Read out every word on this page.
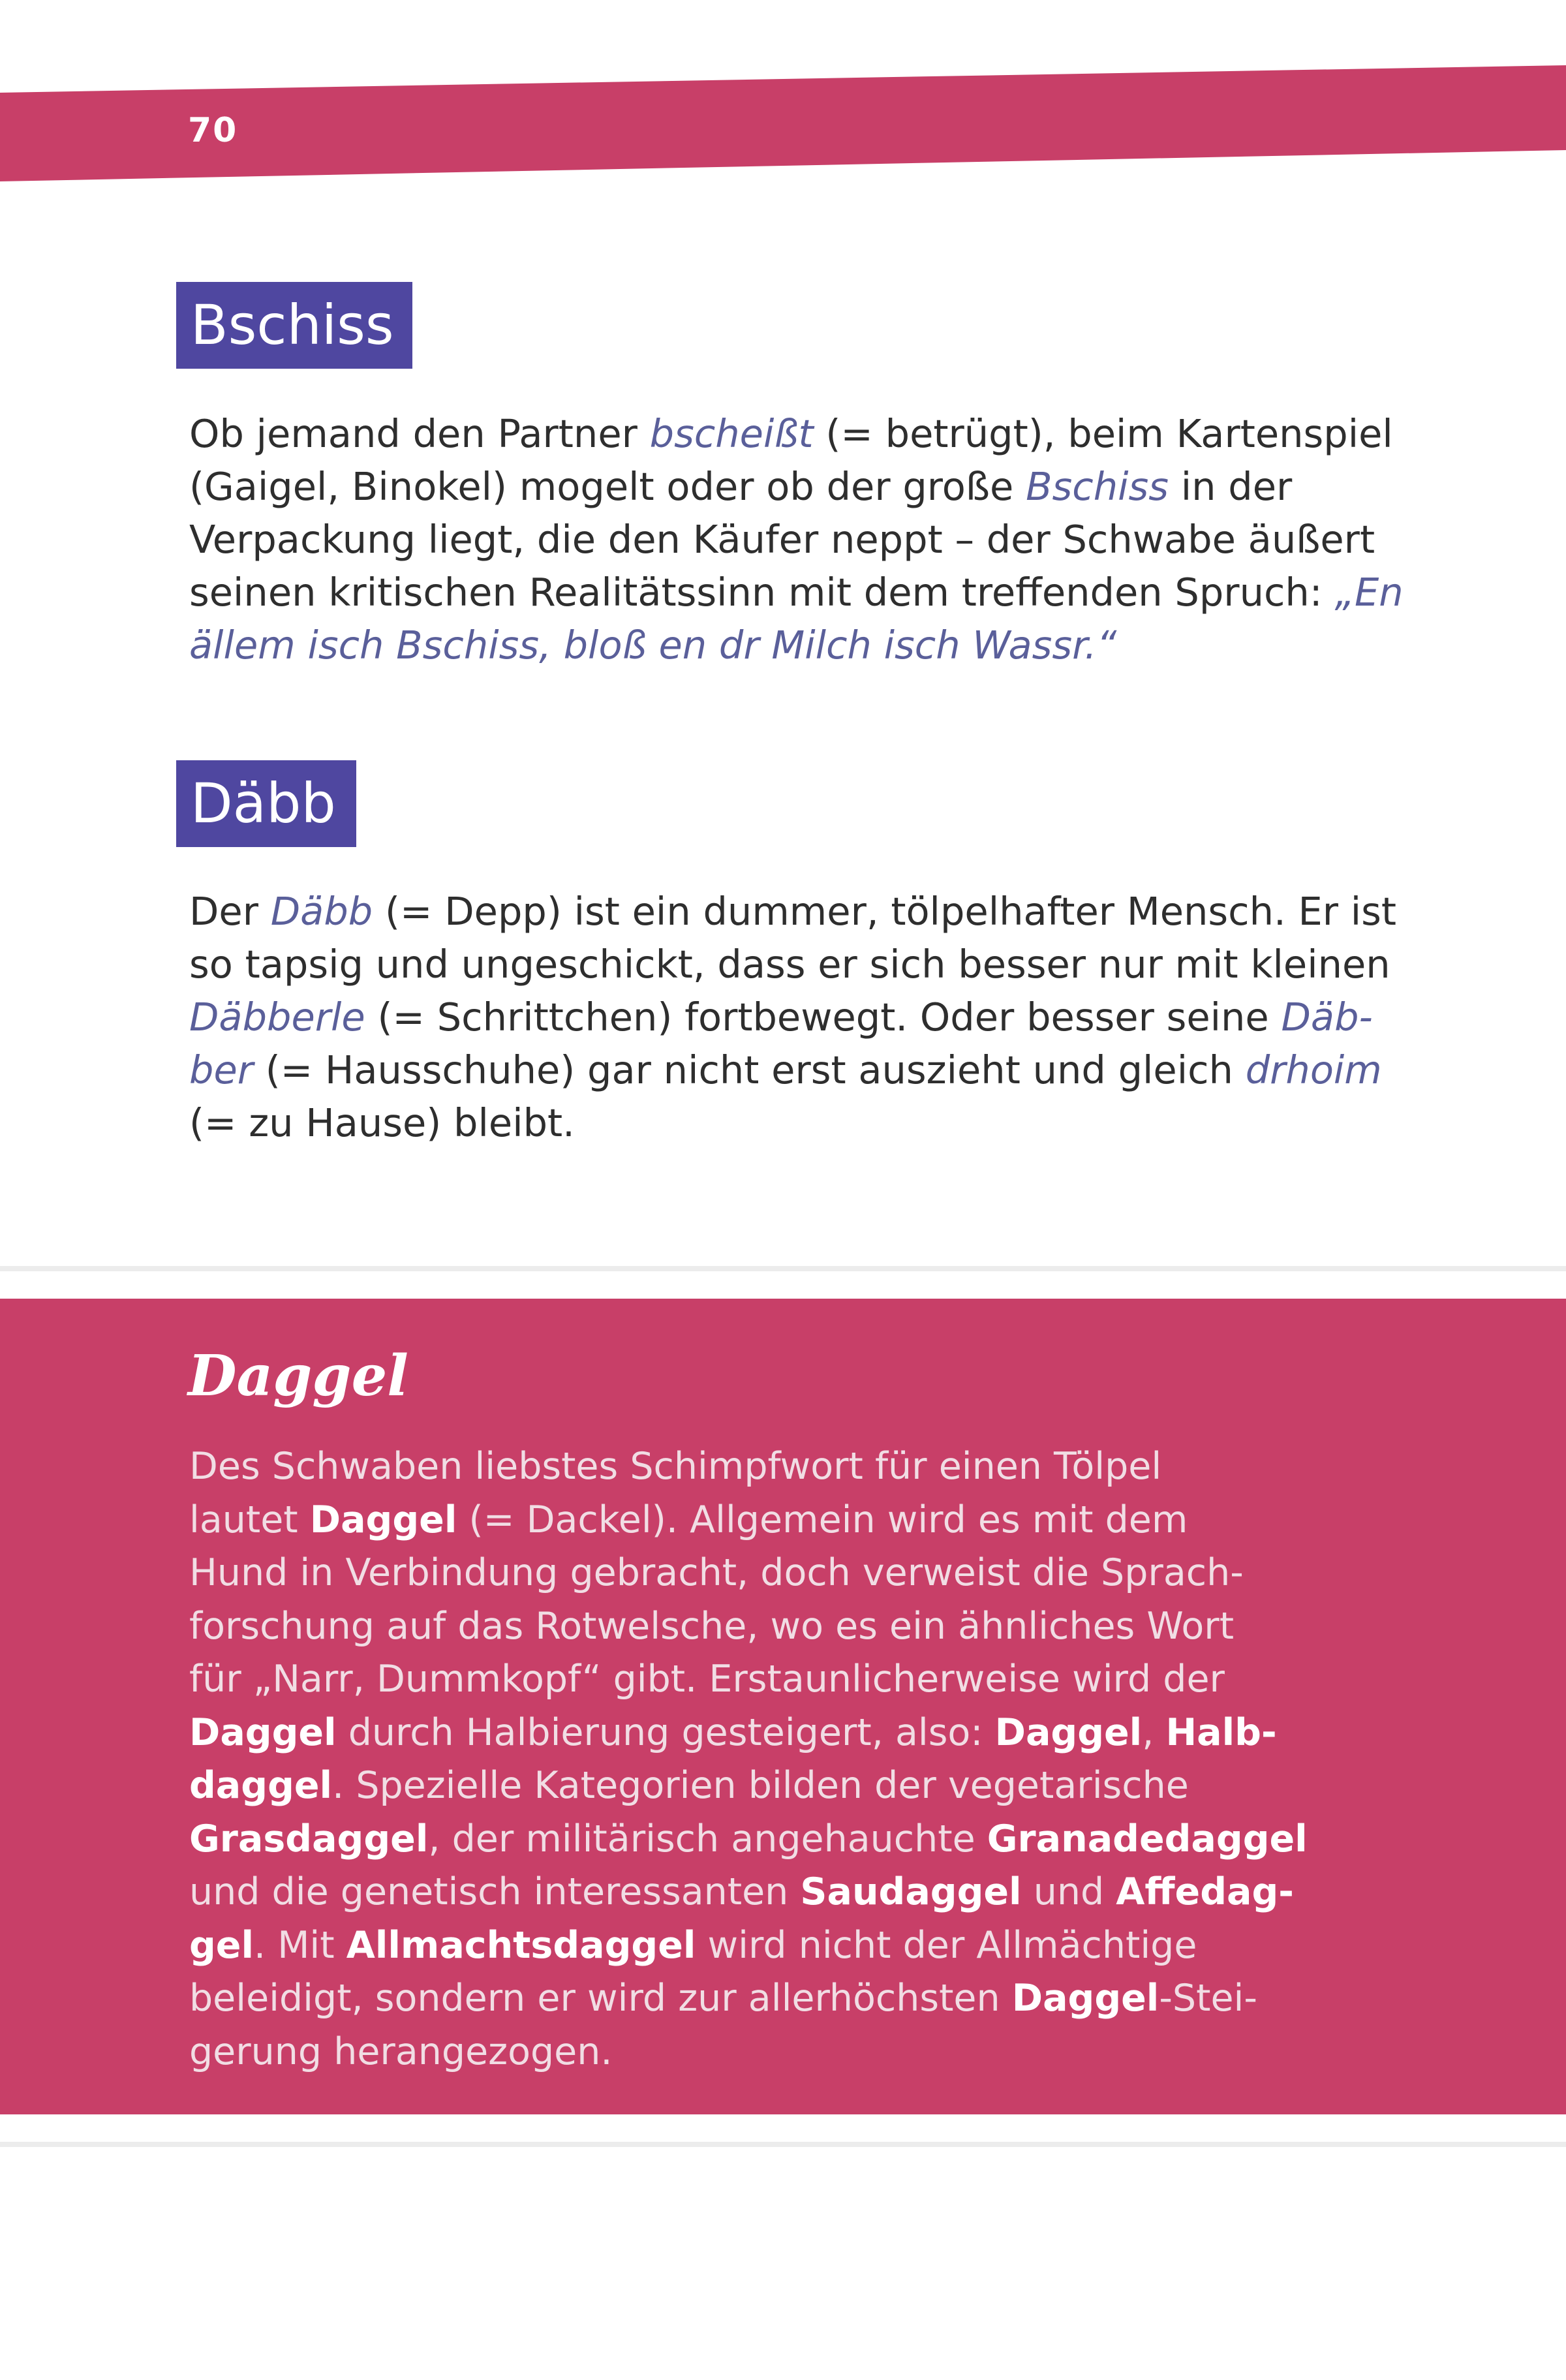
70
Bschiss

Ob jemand den Partner bscheißt (= betrügt), beim Kartenspiel
(Gaigel, Binokel) mogelt oder ob der große Bschiss in der
Verpackung liegt, die den Käufer neppt – der Schwabe äußert
seinen kritischen Realitätssinn mit dem treffenden Spruch: „En
ällem isch Bschiss, bloß en dr Milch isch Wassr.“

Däbb

Der Däbb (= Depp) ist ein dummer, tölpelhafter Mensch. Er ist
so tapsig und ungeschickt, dass er sich besser nur mit kleinen
Däbberle (= Schrittchen) fortbewegt. Oder besser seine Däb-
ber (= Hausschuhe) gar nicht erst auszieht und gleich drhoim
(= zu Hause) bleibt.

Daggel

Des Schwaben liebstes Schimpfwort für einen Tölpel
lautet Daggel (= Dackel). Allgemein wird es mit dem
Hund in Verbindung gebracht, doch verweist die Sprach-
forschung auf das Rotwelsche, wo es ein ähnliches Wort
für „Narr, Dummkopf“ gibt. Erstaunlicherweise wird der
Daggel durch Halbierung gesteigert, also: Daggel, Halb-
daggel. Spezielle Kategorien bilden der vegetarische
Grasdaggel, der militärisch angehauchte Granadedaggel
und die genetisch interessanten Saudaggel und Affedag-
gel. Mit Allmachtsdaggel wird nicht der Allmächtige
beleidigt, sondern er wird zur allerhöchsten Daggel-Stei-
gerung herangezogen.
